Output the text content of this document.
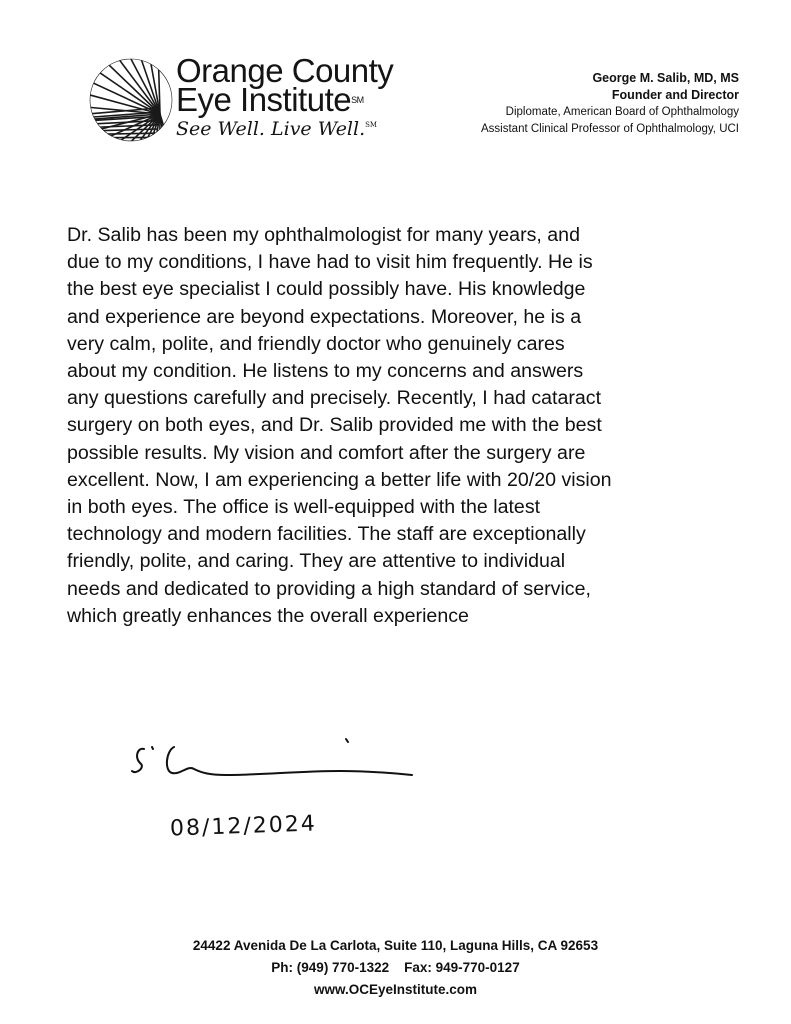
Orange County
Eye Institute℠
See Well. Live Well.℠
George M. Salib, MD, MS
Founder and Director
Diplomate, American Board of Ophthalmology
Assistant Clinical Professor of Ophthalmology, UCI
Dr. Salib has been my ophthalmologist for many years, and
due to my conditions, I have had to visit him frequently. He is
the best eye specialist I could possibly have. His knowledge
and experience are beyond expectations. Moreover, he is a
very calm, polite, and friendly doctor who genuinely cares
about my condition. He listens to my concerns and answers
any questions carefully and precisely. Recently, I had cataract
surgery on both eyes, and Dr. Salib provided me with the best
possible results. My vision and comfort after the surgery are
excellent. Now, I am experiencing a better life with 20/20 vision
in both eyes. The office is well-equipped with the latest
technology and modern facilities. The staff are exceptionally
friendly, polite, and caring. They are attentive to individual
needs and dedicated to providing a high standard of service,
which greatly enhances the overall experience
08/12/2024
24422 Avenida De La Carlota, Suite 110, Laguna Hills, CA 92653
Ph: (949) 770-1322    Fax: 949-770-0127
www.OCEyeInstitute.com
